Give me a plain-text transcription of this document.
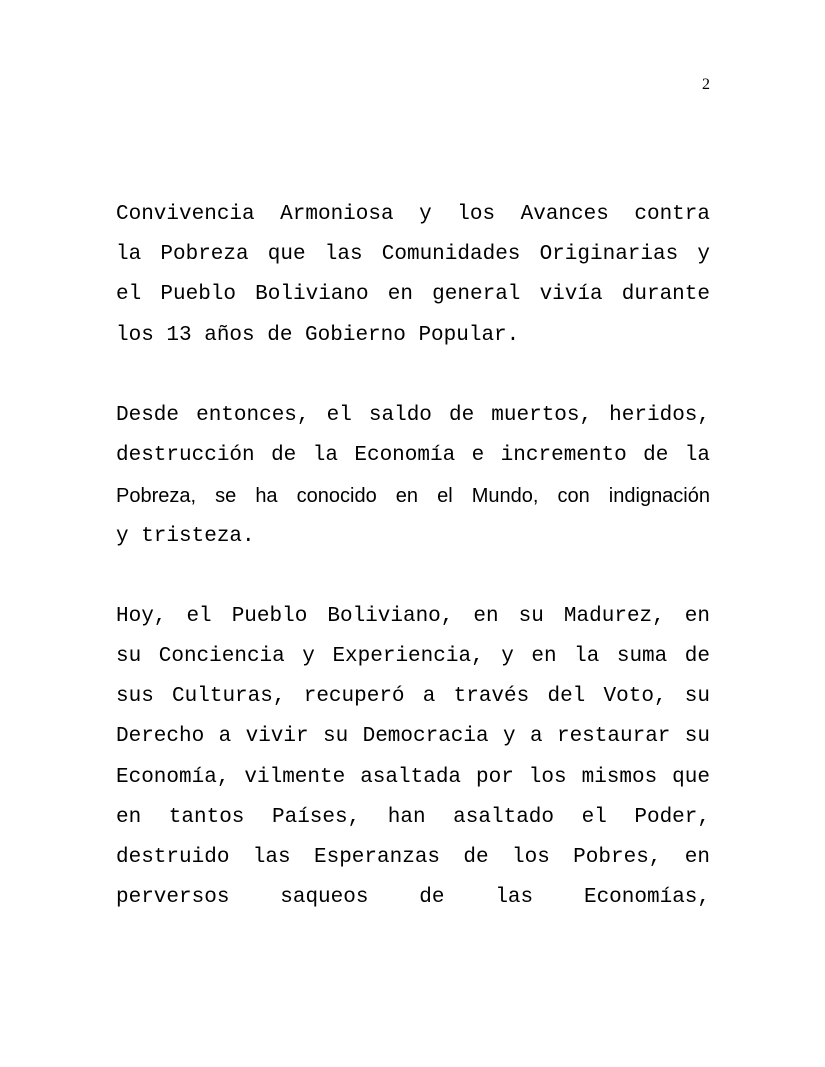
2
Convivencia Armoniosa y los Avances contra
la Pobreza que las Comunidades Originarias y
el Pueblo Boliviano en general vivía durante
los 13 años de Gobierno Popular.
Desde entonces, el saldo de muertos, heridos,
destrucción de la Economía e incremento de la
Pobreza, se ha conocido en el Mundo, con indignación
y tristeza.
Hoy, el Pueblo Boliviano, en su Madurez, en
su Conciencia y Experiencia, y en la suma de
sus Culturas, recuperó a través del Voto, su
Derecho a vivir su Democracia y a restaurar su
Economía, vilmente asaltada por los mismos que
en tantos Países, han asaltado el Poder,
destruido las Esperanzas de los Pobres, en
perversos saqueos de las Economías,
